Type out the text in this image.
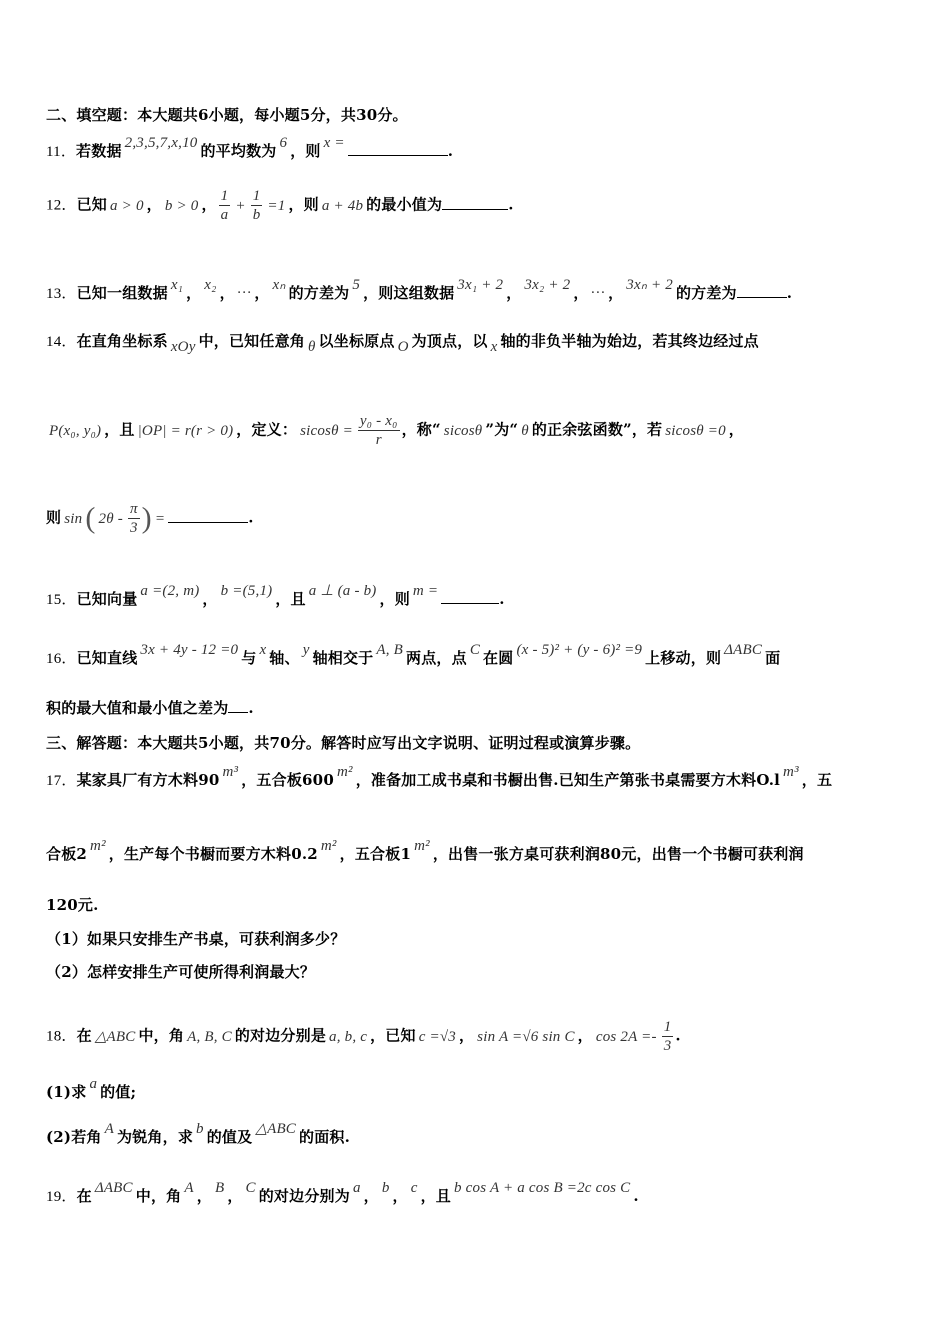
二、填空题：本大题共6小题，每小题5分，共30分。
11．若数据 2,3,5,7,x,10 的平均数为 6 ，则 x =	.
12．已知 a > 0 ， b > 0 ， $\frac{1}{a} + \frac{1}{b} =1$ ，则 a + 4b 的最小值为	.
13．已知一组数据 x₁ ， x₂ ， … ， xₙ 的方差为 5 ，则这组数据 3x₁ + 2 ， 3x₂ + 2 ， … ， 3xₙ + 2 的方差为	.
14．在直角坐标系 xOy 中，已知任意角 θ 以坐标原点 O 为顶点，以 x 轴的非负半轴为始边，若其终边经过点
P(x₀, y₀) ，且 |OP| = r(r > 0) ，定义： $sicos\theta = \frac{\text{y₀ - x₀}}{r}$ ，称“ sicosθ ”为“ θ 的正余弦函数”，若 sicosθ =0 ，
则 sin ( $2\theta - \frac{\pi}{3}$ ) =	.
15．已知向量 a =(2, m) ， b =(5,1) ，且 a ⊥ (a - b) ，则 m =	.
16．已知直线 3x + 4y - 12 =0 与 x 轴、 y 轴相交于 A, B 两点，点 C 在圆 (x - 5)² + (y - 6)² =9 上移动，则 ΔABC 面
积的最大值和最小值之差为 .
三、解答题：本大题共5小题，共70分。解答时应写出文字说明、证明过程或演算步骤。
17．某家具厂有方木料90 m³ ，五合板600 m² ，准备加工成书桌和书橱出售.已知生产第张书桌需要方木料O.l m³ ，五
合板2 m² ，生产每个书橱而要方木料0.2 m² ，五合板1 m² ，出售一张方桌可获利润80元，出售一个书橱可获利润
120元.
（1）如果只安排生产书桌，可获利润多少？
（2）怎样安排生产可使所得利润最大？
18．在 △ABC 中，角 A, B, C 的对边分别是 a, b, c ，已知 c =√3 ， sin A =√6 sin C ， $\cos 2A =- \frac{1}{3}$ .
(1)求 a 的值;
(2)若角 A 为锐角，求 b 的值及 △ABC 的面积.
19．在 ΔABC 中，角 A ， B ， C 的对边分别为 a ， b ， c ，且 b cos A + a cos B =2c cos C .
